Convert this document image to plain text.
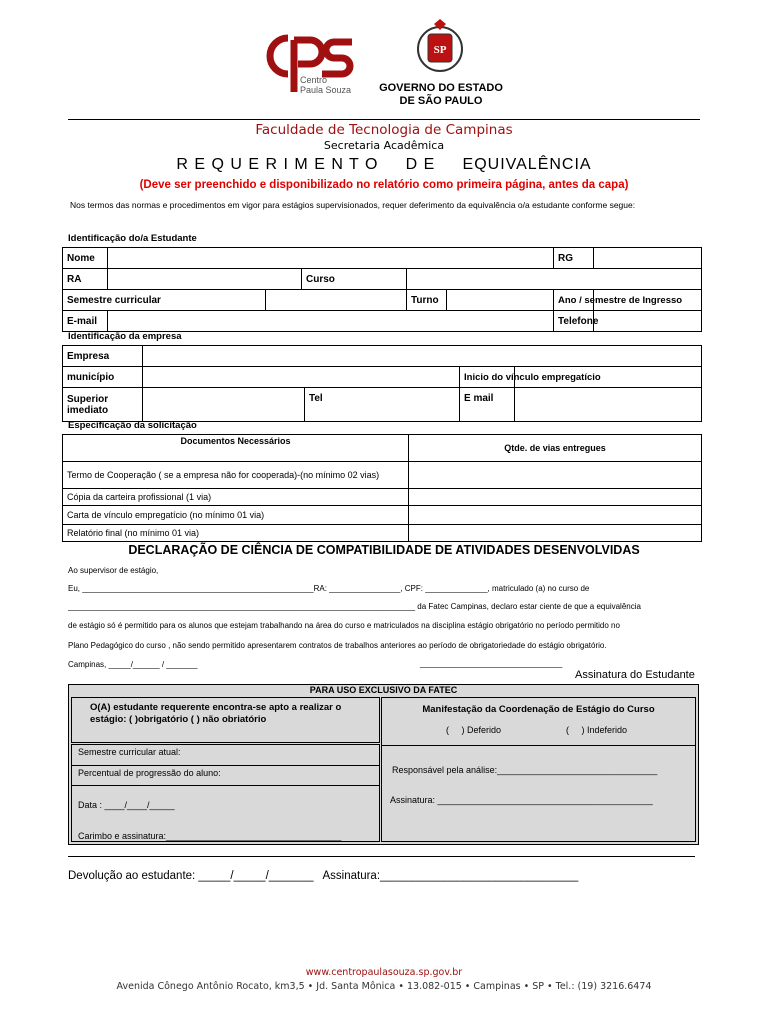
Centro
Paula Souza
SP
GOVERNO DO ESTADO
DE SÃO PAULO
Faculdade de Tecnologia de Campinas
Secretaria Acadêmica
R E Q U E R I M E N T O     D E     EQUIVALÊNCIA
(Deve ser preenchido e disponibilizado no relatório como primeira página, antes da capa)
Nos termos das normas e procedimentos em vigor para estágios supervisionados, requer deferimento da equivalência o/a estudante conforme segue:
Identificação do/a Estudante
Nome						RG	
RA			Curso				
Semestre curricular				Turno		Ano / semestre de Ingresso	
E-mail						Telefone	
Identificação da empresa
Empresa				
município			Inicio do vínculo empregatício	
Superior imediato		Tel	E mail	
Especificação da solicitação
Documentos Necessários	Qtde. de vias entregues
Termo de Cooperação ( se a empresa não for cooperada)-(no mínimo 02 vias)	
Cópia da carteira profissional (1 via)	
Carta de vínculo empregatício (no mínimo 01 via)	
Relatório final (no mínimo 01 via)	
DECLARAÇÃO DE CIÊNCIA DE COMPATIBILIDADE DE ATIVIDADES DESENVOLVIDAS
Ao supervisor de estágio,
Eu, ____________________________________________________RA: ________________, CPF: ______________, matriculado (a) no curso de
______________________________________________________________________________ da Fatec Campinas, declaro estar ciente de que a equivalência
de estágio só é permitido para os alunos que estejam trabalhando na área do curso e matriculados na disciplina estágio obrigatório no período permitido no
Plano Pedagógico do curso , não sendo permitido apresentarem contratos de trabalhos anteriores ao período de obrigatoriedade do estágio obrigatório.
Campinas, _____/______ / _______	________________________________
Assinatura do Estudante
PARA USO EXCLUSIVO DA FATEC
O(A) estudante requerente encontra-se apto a realizar o estágio: ( )obrigatório ( ) não obriatório
Semestre curricular atual:
Percentual de progressão do aluno:
Data : ____/____/_____
Carimbo e assinatura:___________________________________
Manifestação da Coordenação de Estágio do Curso
(     ) Deferido	(     ) Indeferido
Responsável pela análise:________________________________
Assinatura: ___________________________________________
Devolução ao estudante: _____/_____/_______   Assinatura:_______________________________
www.centropaulasouza.sp.gov.br
Avenida Cônego Antônio Rocato, km3,5 • Jd. Santa Mônica • 13.082-015 • Campinas • SP • Tel.: (19) 3216.6474
